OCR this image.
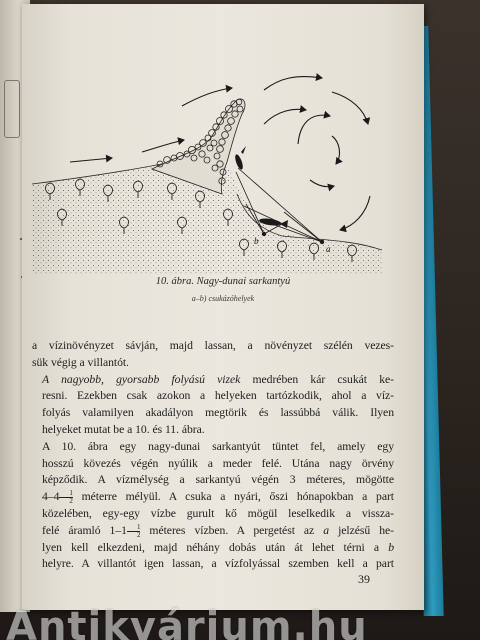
b
a
10. ábra. Nagy-dunai sarkantyú
a–b) csukázóhelyek

a vízinövényzet sávján, majd lassan, a növényzet szélén vezes-
sük végig a villantót.

A nagyobb, gyorsabb folyású vizek medrében kár csukát ke-
resni. Ezekben csak azokon a helyeken tartózkodik, ahol a víz-
folyás valamilyen akadályon megtörik és lassúbbá válik. Ilyen
helyeket mutat be a 10. és 11. ábra.

A 10. ábra egy nagy-dunai sarkantyút tüntet fel, amely egy
hosszú kövezés végén nyúlik a meder felé. Utána nagy örvény
képződik. A vízmélység a sarkantyú végén 3 méteres, mögötte
$4-4 \frac{1}{2}$ méterre mélyül. A csuka a nyári, őszi hónapokban a part
közelében, egy-egy vízbe gurult kő mögül leselkedik a vissza-
felé áramló $1-1 \frac{1}{2}$ méteres vízben. A pergetést az a jelzésű he-
lyen kell elkezdeni, majd néhány dobás után át lehet térni a b
helyre. A villantót igen lassan, a vízfolyással szemben kell a part

39
Antikvárium.hu
